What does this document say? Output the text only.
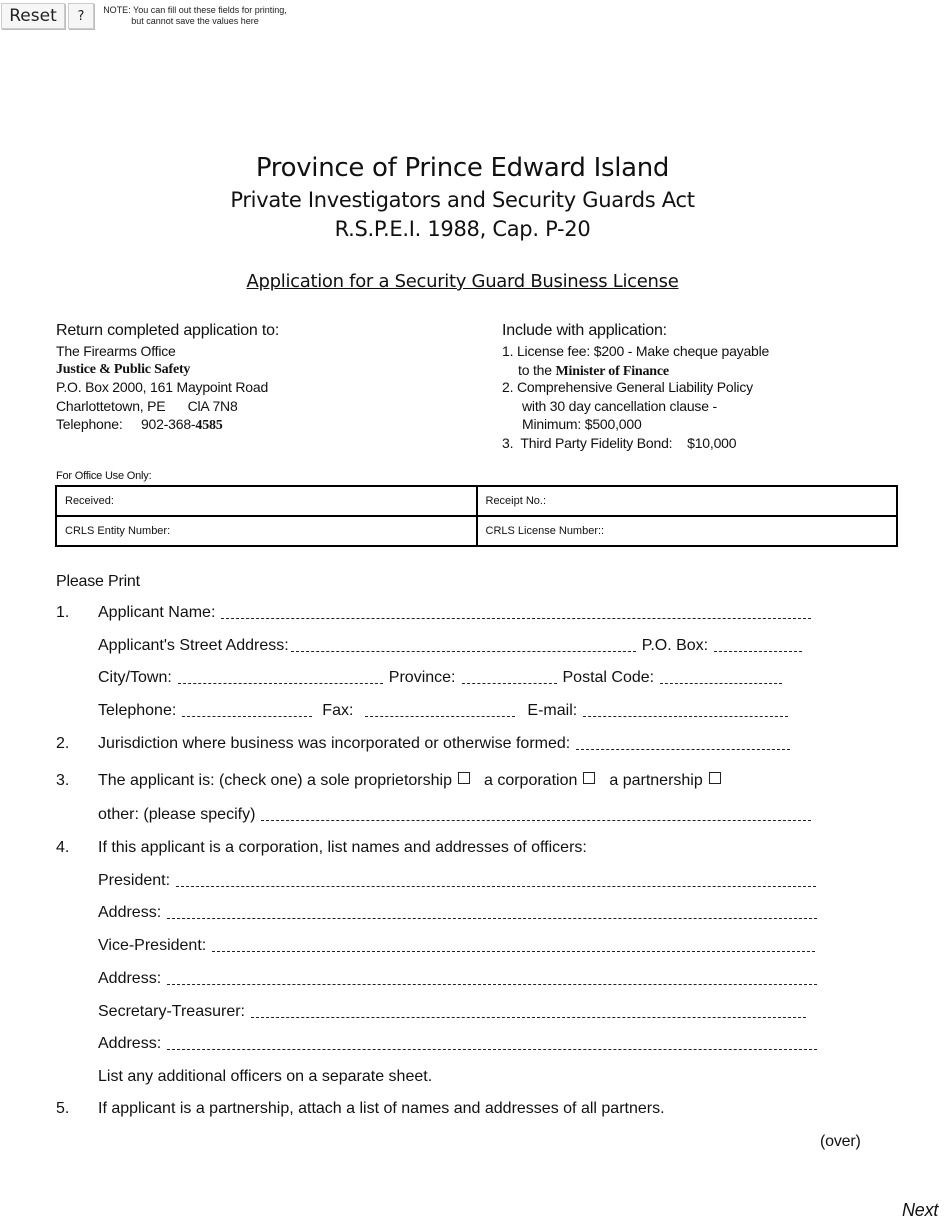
Reset	?	NOTE: You can fill out these fields for printing, but cannot save the values here
Province of Prince Edward Island
Private Investigators and Security Guards Act
R.S.P.E.I. 1988, Cap. P-20
Application for a Security Guard Business License
Return completed application to:
The Firearms Office
Justice & Public Safety
P.O. Box 2000, 161 Maypoint Road
Charlottetown, PE      ClA 7N8
Telephone:     902-368-4585
Include with application:
1. License fee: $200 - Make cheque payable
to the Minister of Finance
2. Comprehensive General Liability Policy
with 30 day cancellation clause -
Minimum: $500,000
3.  Third Party Fidelity Bond:    $10,000
For Office Use Only:
Received:	Receipt No.:
CRLS Entity Number:	CRLS License Number::
Please Print
1. Applicant Name:
Applicant's Street Address:	P.O. Box:
City/Town:	Province:	Postal Code:
Telephone:	Fax:	E-mail:
2. Jurisdiction where business was incorporated or otherwise formed:
3. The applicant is: (check one) a sole proprietorship a corporation a partnership
other: (please specify)
4. If this applicant is a corporation, list names and addresses of officers:
President:
Address:
Vice-President:
Address:
Secretary-Treasurer:
Address:
List any additional officers on a separate sheet.
5. If applicant is a partnership, attach a list of names and addresses of all partners.
(over)
Next
